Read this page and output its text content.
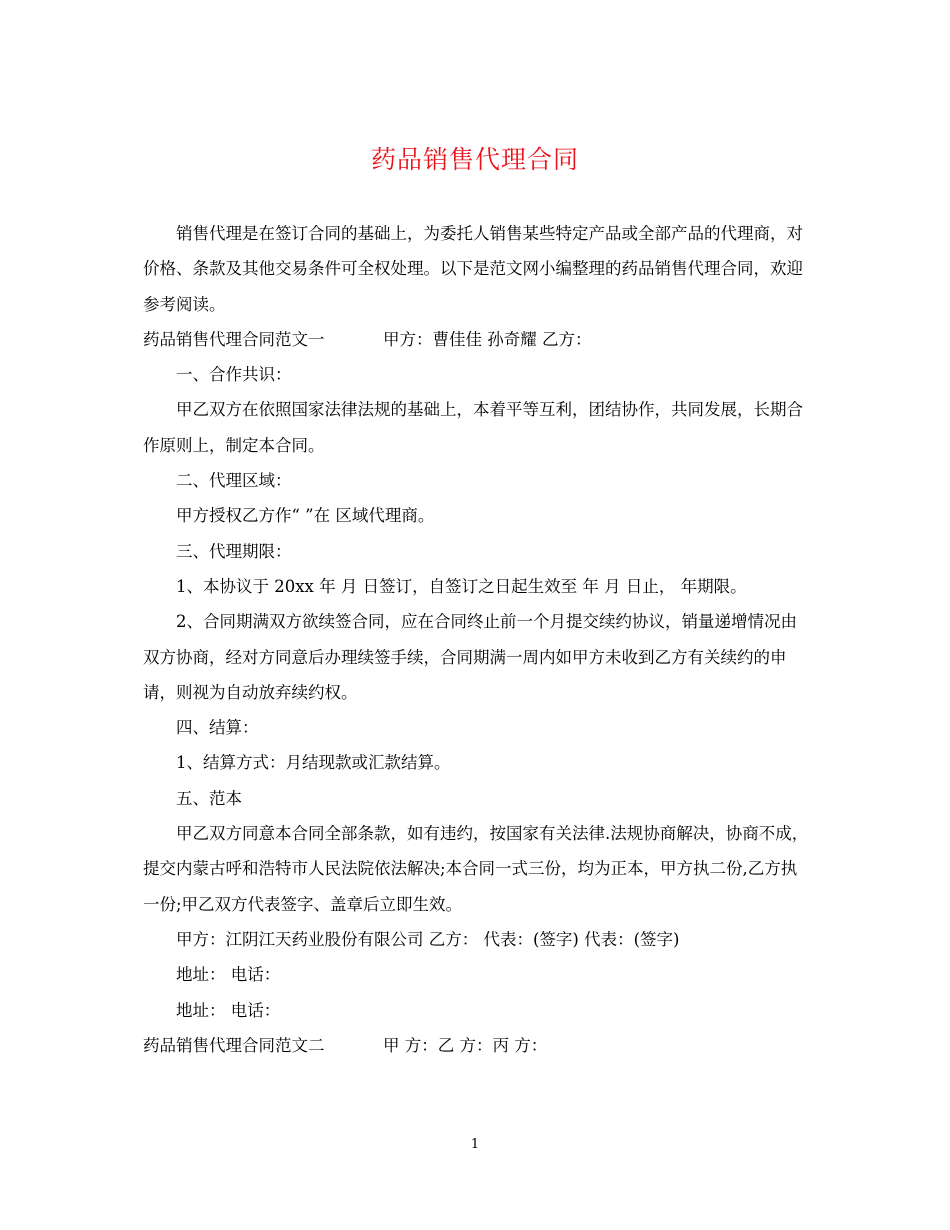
药品销售代理合同

销售代理是在签订合同的基础上，为委托人销售某些特定产品或全部产品的代理商，对价格、条款及其他交易条件可全权处理。以下是范文网小编整理的药品销售代理合同，欢迎参考阅读。

药品销售代理合同范文一	甲方：曹佳佳 孙奇耀 乙方：

一、合作共识：

甲乙双方在依照国家法律法规的基础上，本着平等互利，团结协作，共同发展，长期合作原则上，制定本合同。

二、代理区域：

甲方授权乙方作“ ”在 区域代理商。

三、代理期限：

1、本协议于 20xx 年 月 日签订，自签订之日起生效至 年 月 日止， 年期限。

2、合同期满双方欲续签合同，应在合同终止前一个月提交续约协议，销量递增情况由双方协商，经对方同意后办理续签手续，合同期满一周内如甲方未收到乙方有关续约的申请，则视为自动放弃续约权。

四、结算：

1、结算方式：月结现款或汇款结算。

五、范本

甲乙双方同意本合同全部条款，如有违约，按国家有关法律.法规协商解决，协商不成，提交内蒙古呼和浩特市人民法院依法解决;本合同一式三份，均为正本，甲方执二份,乙方执一份;甲乙双方代表签字、盖章后立即生效。

甲方：江阴江天药业股份有限公司 乙方： 代表：(签字) 代表：(签字)

地址： 电话：

地址： 电话：

药品销售代理合同范文二	甲 方：乙 方：丙 方：

1
